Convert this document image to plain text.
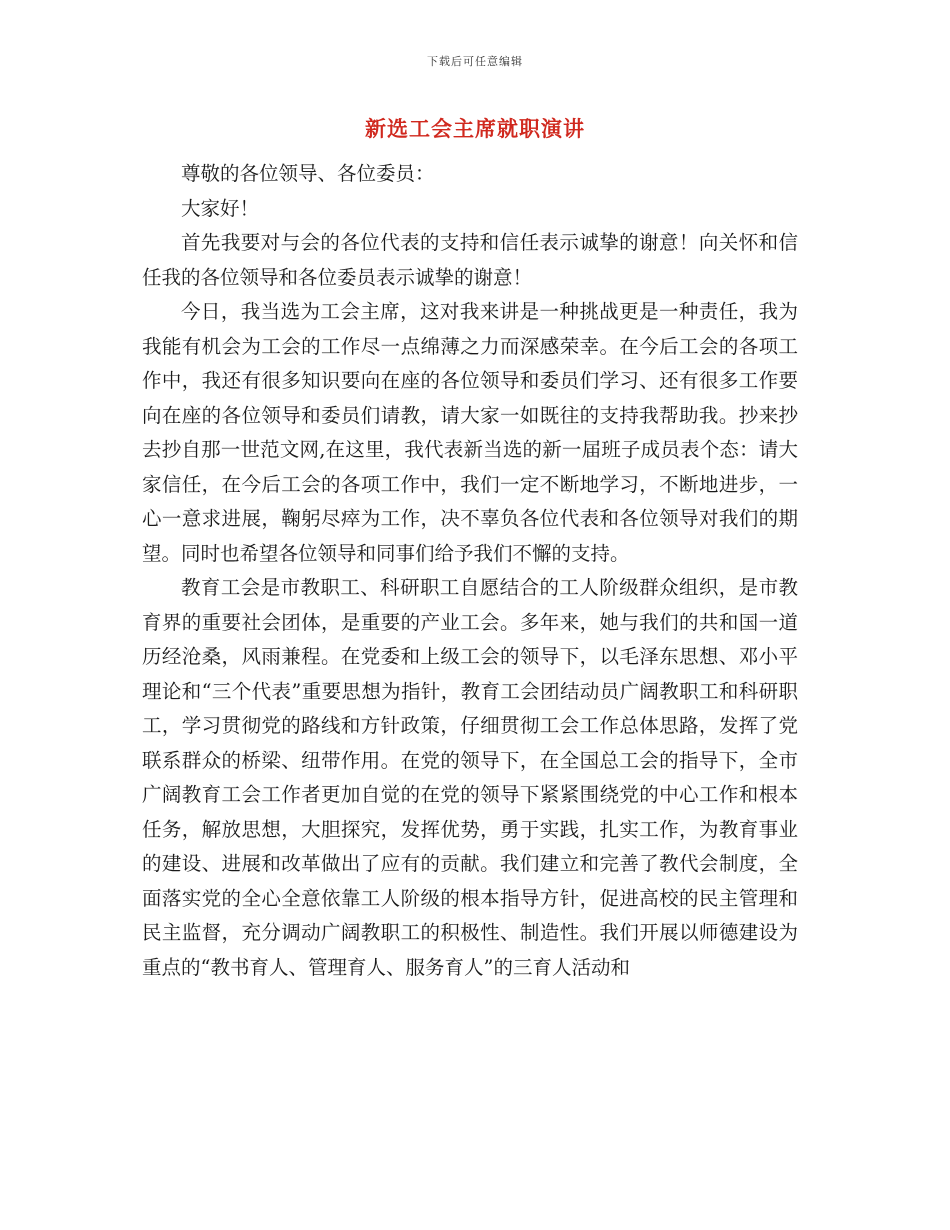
下载后可任意编辑
新选工会主席就职演讲

尊敬的各位领导、各位委员：

大家好！

首先我要对与会的各位代表的支持和信任表示诚挚的谢意！向关怀和信任我的各位领导和各位委员表示诚挚的谢意！

今日，我当选为工会主席，这对我来讲是一种挑战更是一种责任，我为我能有机会为工会的工作尽一点绵薄之力而深感荣幸。在今后工会的各项工作中，我还有很多知识要向在座的各位领导和委员们学习、还有很多工作要向在座的各位领导和委员们请教，请大家一如既往的支持我帮助我。抄来抄去抄自那一世范文网,在这里，我代表新当选的新一届班子成员表个态：请大家信任，在今后工会的各项工作中，我们一定不断地学习，不断地进步，一心一意求进展，鞠躬尽瘁为工作，决不辜负各位代表和各位领导对我们的期望。同时也希望各位领导和同事们给予我们不懈的支持。

教育工会是市教职工、科研职工自愿结合的工人阶级群众组织，是市教育界的重要社会团体，是重要的产业工会。多年来，她与我们的共和国一道历经沧桑，风雨兼程。在党委和上级工会的领导下，以毛泽东思想、邓小平理论和“三个代表”重要思想为指针，教育工会团结动员广阔教职工和科研职工，学习贯彻党的路线和方针政策，仔细贯彻工会工作总体思路，发挥了党联系群众的桥梁、纽带作用。在党的领导下，在全国总工会的指导下，全市广阔教育工会工作者更加自觉的在党的领导下紧紧围绕党的中心工作和根本任务，解放思想，大胆探究，发挥优势，勇于实践，扎实工作，为教育事业的建设、进展和改革做出了应有的贡献。我们建立和完善了教代会制度，全面落实党的全心全意依靠工人阶级的根本指导方针，促进高校的民主管理和民主监督，充分调动广阔教职工的积极性、制造性。我们开展以师德建设为重点的“教书育人、管理育人、服务育人”的三育人活动和
